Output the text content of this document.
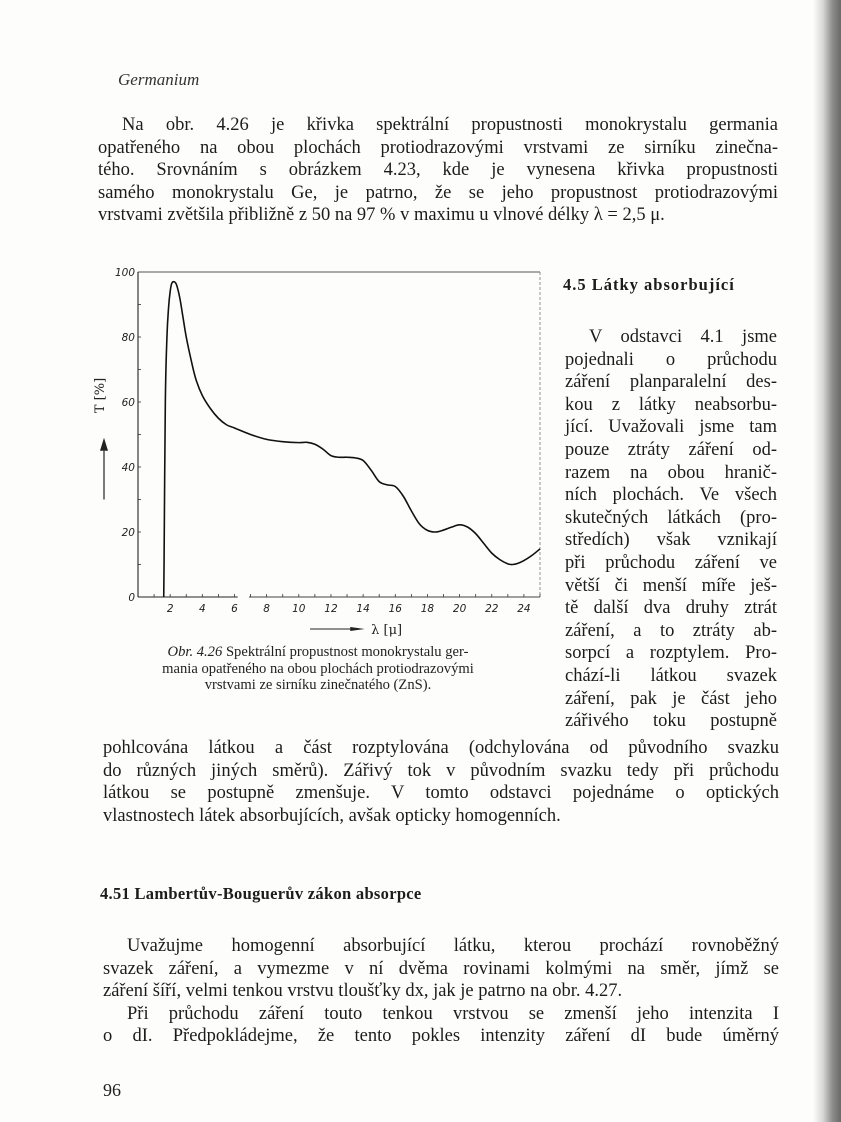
Germanium
Na obr. 4.26 je křivka spektrální propustnosti monokrystalu germania
opatřeného na obou plochách protiodrazovými vrstvami ze sirníku zinečna-
tého. Srovnáním s obrázkem 4.23, kde je vynesena křivka propustnosti
samého monokrystalu Ge, je patrno, že se jeho propustnost protiodrazovými
vrstvami zvětšila přibližně z 50 na 97 % v maximu u vlnové délky λ = 2,5 μ.
0
20
40
60
80
100
2 4 6 8 10 12 14 16 18 20 22 24
T [%]
λ [μ]
Obr. 4.26 Spektrální propustnost monokrystalu ger-
mania opatřeného na obou plochách protiodrazovými
vrstvami ze sirníku zinečnatého (ZnS).
4.5 Látky absorbující
V odstavci 4.1 jsme
pojednali o průchodu
záření planparalelní des-
kou z látky neabsorbu-
jící. Uvažovali jsme tam
pouze ztráty záření od-
razem na obou hranič-
ních plochách. Ve všech
skutečných látkách (pro-
středích) však vznikají
při průchodu záření ve
větší či menší míře ješ-
tě další dva druhy ztrát
záření, a to ztráty ab-
sorpcí a rozptylem. Pro-
chází-li látkou svazek
záření, pak je část jeho
zářivého toku postupně
pohlcována látkou a část rozptylována (odchylována od původního svazku
do různých jiných směrů). Zářivý tok v původním svazku tedy při průchodu
látkou se postupně zmenšuje. V tomto odstavci pojednáme o optických
vlastnostech látek absorbujících, avšak opticky homogenních.
4.51 Lambertův-Bouguerův zákon absorpce
Uvažujme homogenní absorbující látku, kterou prochází rovnoběžný
svazek záření, a vymezme v ní dvěma rovinami kolmými na směr, jímž se
záření šíří, velmi tenkou vrstvu tloušťky dx, jak je patrno na obr. 4.27.
Při průchodu záření touto tenkou vrstvou se zmenší jeho intenzita I
o dI. Předpokládejme, že tento pokles intenzity záření dI bude úměrný
96
